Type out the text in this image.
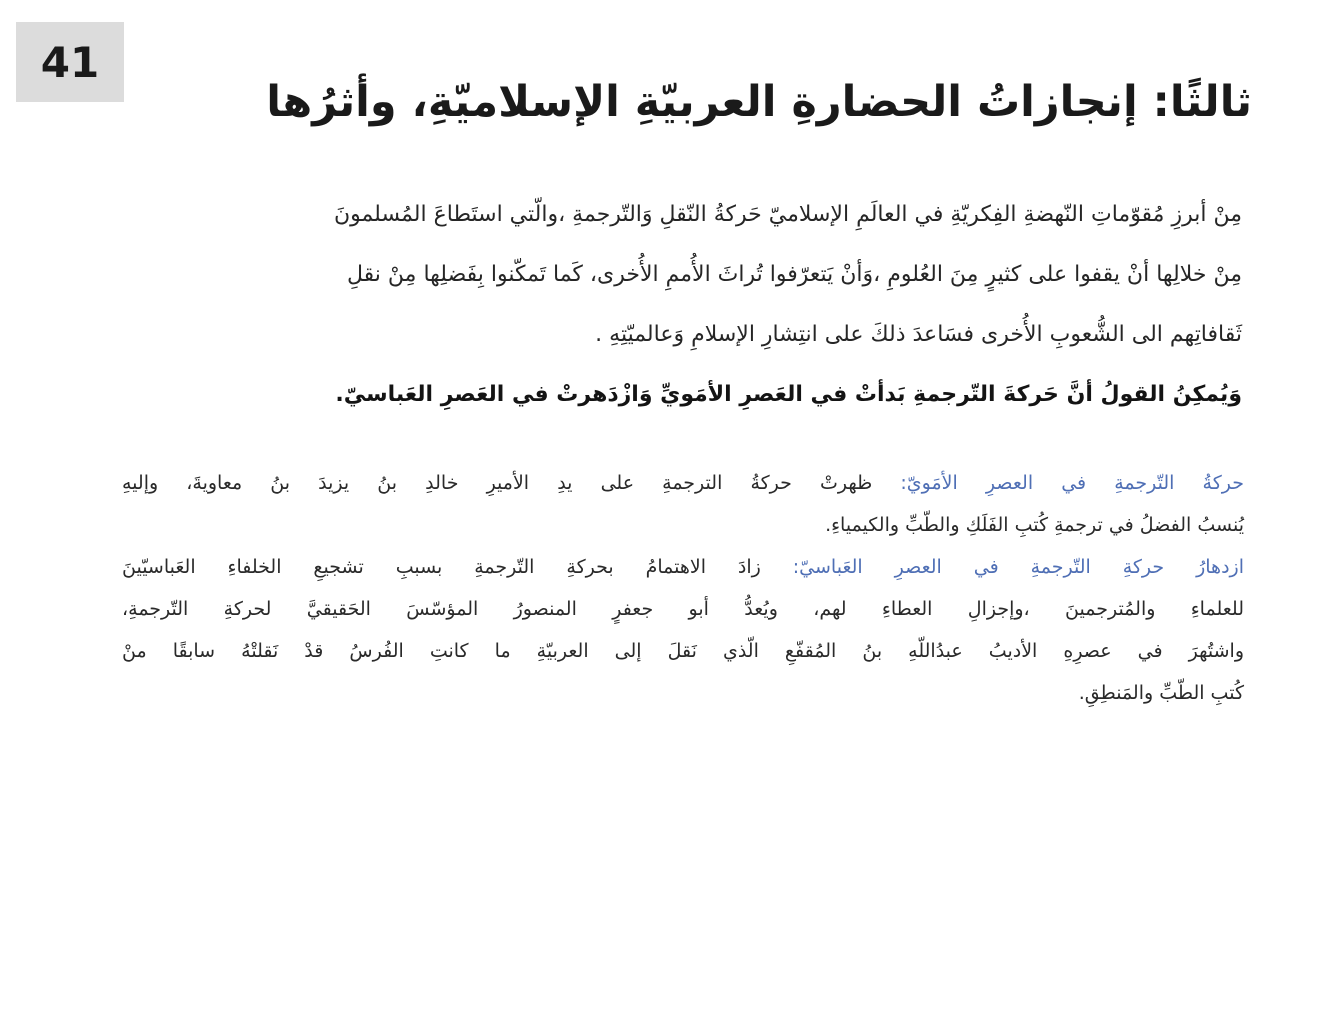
41
ثالثًا: إنجازاتُ الحضارةِ العربيّةِ الإسلاميّةِ، وأثرُها
مِنْ أبرزِ مُقوّماتِ النّهضةِ الفِكريّةِ في العالَمِ الإسلاميّ حَركةُ النّقلِ وَالتّرجمةِ ،والّتي استَطاعَ المُسلمونَ
مِنْ خلالِها أنْ يقفوا على كثيرٍ مِنَ العُلومِ ،وَأنْ يَتعرّفوا تُراثَ الأُممِ الأُخرى، كَما تَمكّنوا بِفَضلِها مِنْ نقلِ
ثَقافاتِهم الى الشُّعوبِ الأُخرى فسَاعدَ ذلكَ على انتِشارِ الإسلامِ وَعالميّتِهِ .
وَيُمكِنُ القولُ أنَّ حَركةَ التّرجمةِ بَدأتْ في العَصرِ الأمَويِّ وَازْدَهرتْ في العَصرِ العَباسيّ.
حركةُ التّرجمةِ في العصرِ الأمَويّ: ظهرتْ حركةُ الترجمةِ على يدِ الأميرِ خالدِ بنُ يزيدَ بنُ معاويةَ، وإليهِ
يُنسبُ الفضلُ في ترجمةِ كُتبِ الفَلَكِ والطّبِّ والكيمياءِ.
ازدهارُ حركةِ التّرجمةِ في العصرِ العَباسيّ: زادَ الاهتمامُ بحركةِ التّرجمةِ بسببِ تشجيعِ الخلفاءِ العَباسيّينَ
للعلماءِ والمُترجمينَ ،وإجزالِ العطاءِ لهم، ويُعدُّ أبو جعفرٍ المنصورُ المؤسّسَ الحَقيقيَّ لحركةِ التّرجمةِ،
واشتُهرَ في عصرِهِ الأديبُ عبدُاللّهِ بنُ المُقفّعِ الّذي نَقلَ إلى العربيّةِ ما كانتِ الفُرسُ قدْ نَقلتْهُ سابقًا منْ
كُتبِ الطّبِّ والمَنطِقِ.
